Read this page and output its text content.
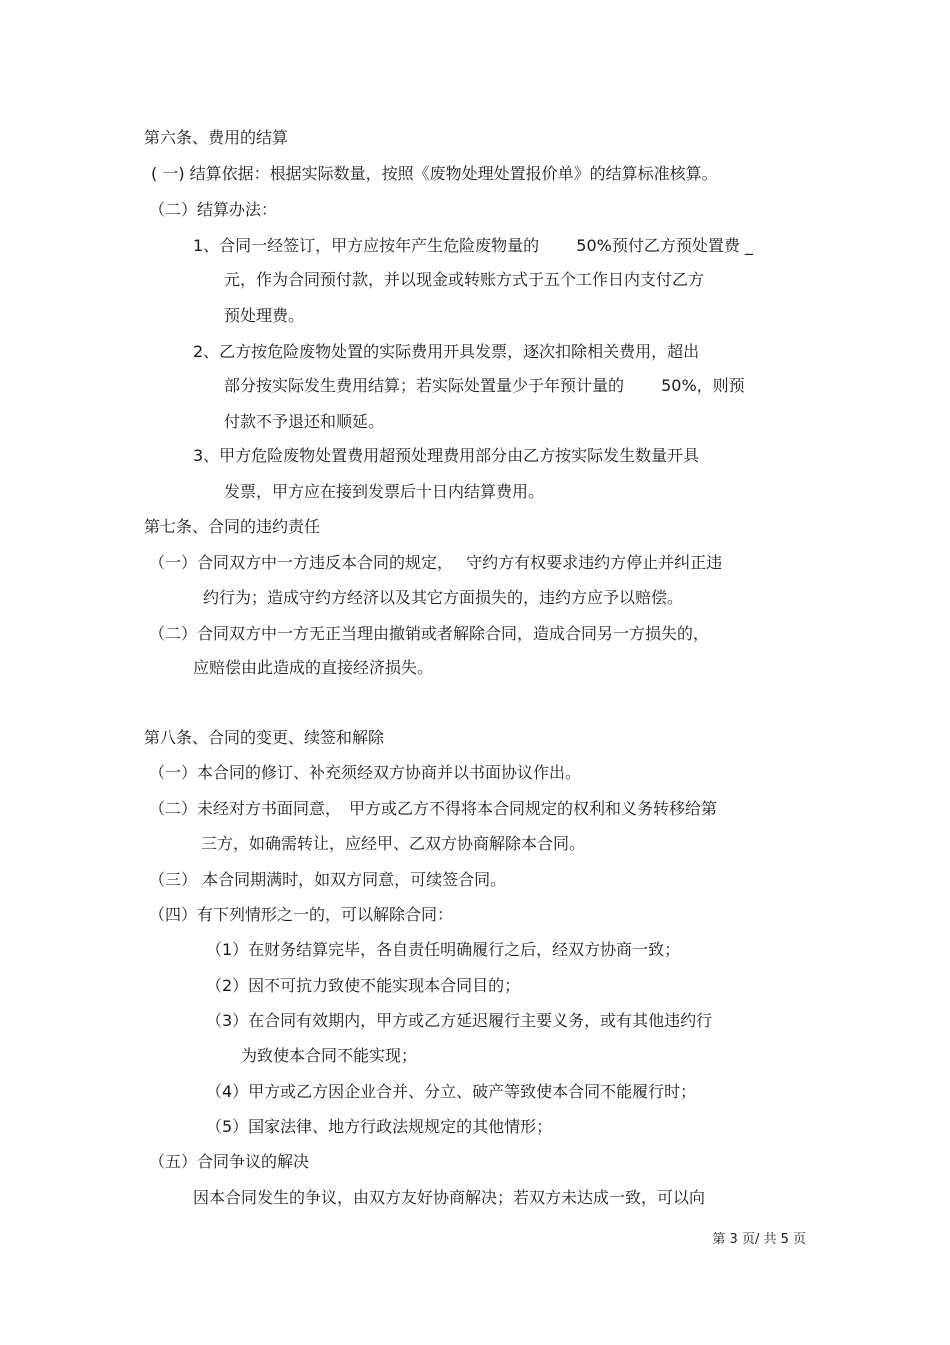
第六条、费用的结算
( 一) 结算依据：根据实际数量，按照《废物处理处置报价单》的结算标准核算。
（二）结算办法：
1、合同一经签订，甲方应按年产生危险废物量的 　　50%预付乙方预处置费 _
元，作为合同预付款，并以现金或转账方式于五个工作日内支付乙方
预处理费。
2、乙方按危险废物处置的实际费用开具发票，逐次扣除相关费用，超出
部分按实际发生费用结算；若实际处置量少于年预计量的　　 50%，则预
付款不予退还和顺延。
3、甲方危险废物处置费用超预处理费用部分由乙方按实际发生数量开具
发票，甲方应在接到发票后十日内结算费用。
第七条、合同的违约责任
（一）合同双方中一方违反本合同的规定，　 守约方有权要求违约方停止并纠正违
约行为；造成守约方经济以及其它方面损失的，违约方应予以赔偿。
（二）合同双方中一方无正当理由撤销或者解除合同，造成合同另一方损失的，
应赔偿由此造成的直接经济损失。
第八条、合同的变更、续签和解除
（一）本合同的修订、补充须经双方协商并以书面协议作出。
（二）未经对方书面同意，　甲方或乙方不得将本合同规定的权利和义务转移给第
三方，如确需转让，应经甲、乙双方协商解除本合同。
（三） 本合同期满时，如双方同意，可续签合同。
（四）有下列情形之一的，可以解除合同：
（1）在财务结算完毕，各自责任明确履行之后，经双方协商一致；
（2）因不可抗力致使不能实现本合同目的；
（3）在合同有效期内，甲方或乙方延迟履行主要义务，或有其他违约行
为致使本合同不能实现；
（4）甲方或乙方因企业合并、分立、破产等致使本合同不能履行时；
（5）国家法律、地方行政法规规定的其他情形；
（五）合同争议的解决
因本合同发生的争议，由双方友好协商解决；若双方未达成一致，可以向
第 3 页/ 共 5 页
